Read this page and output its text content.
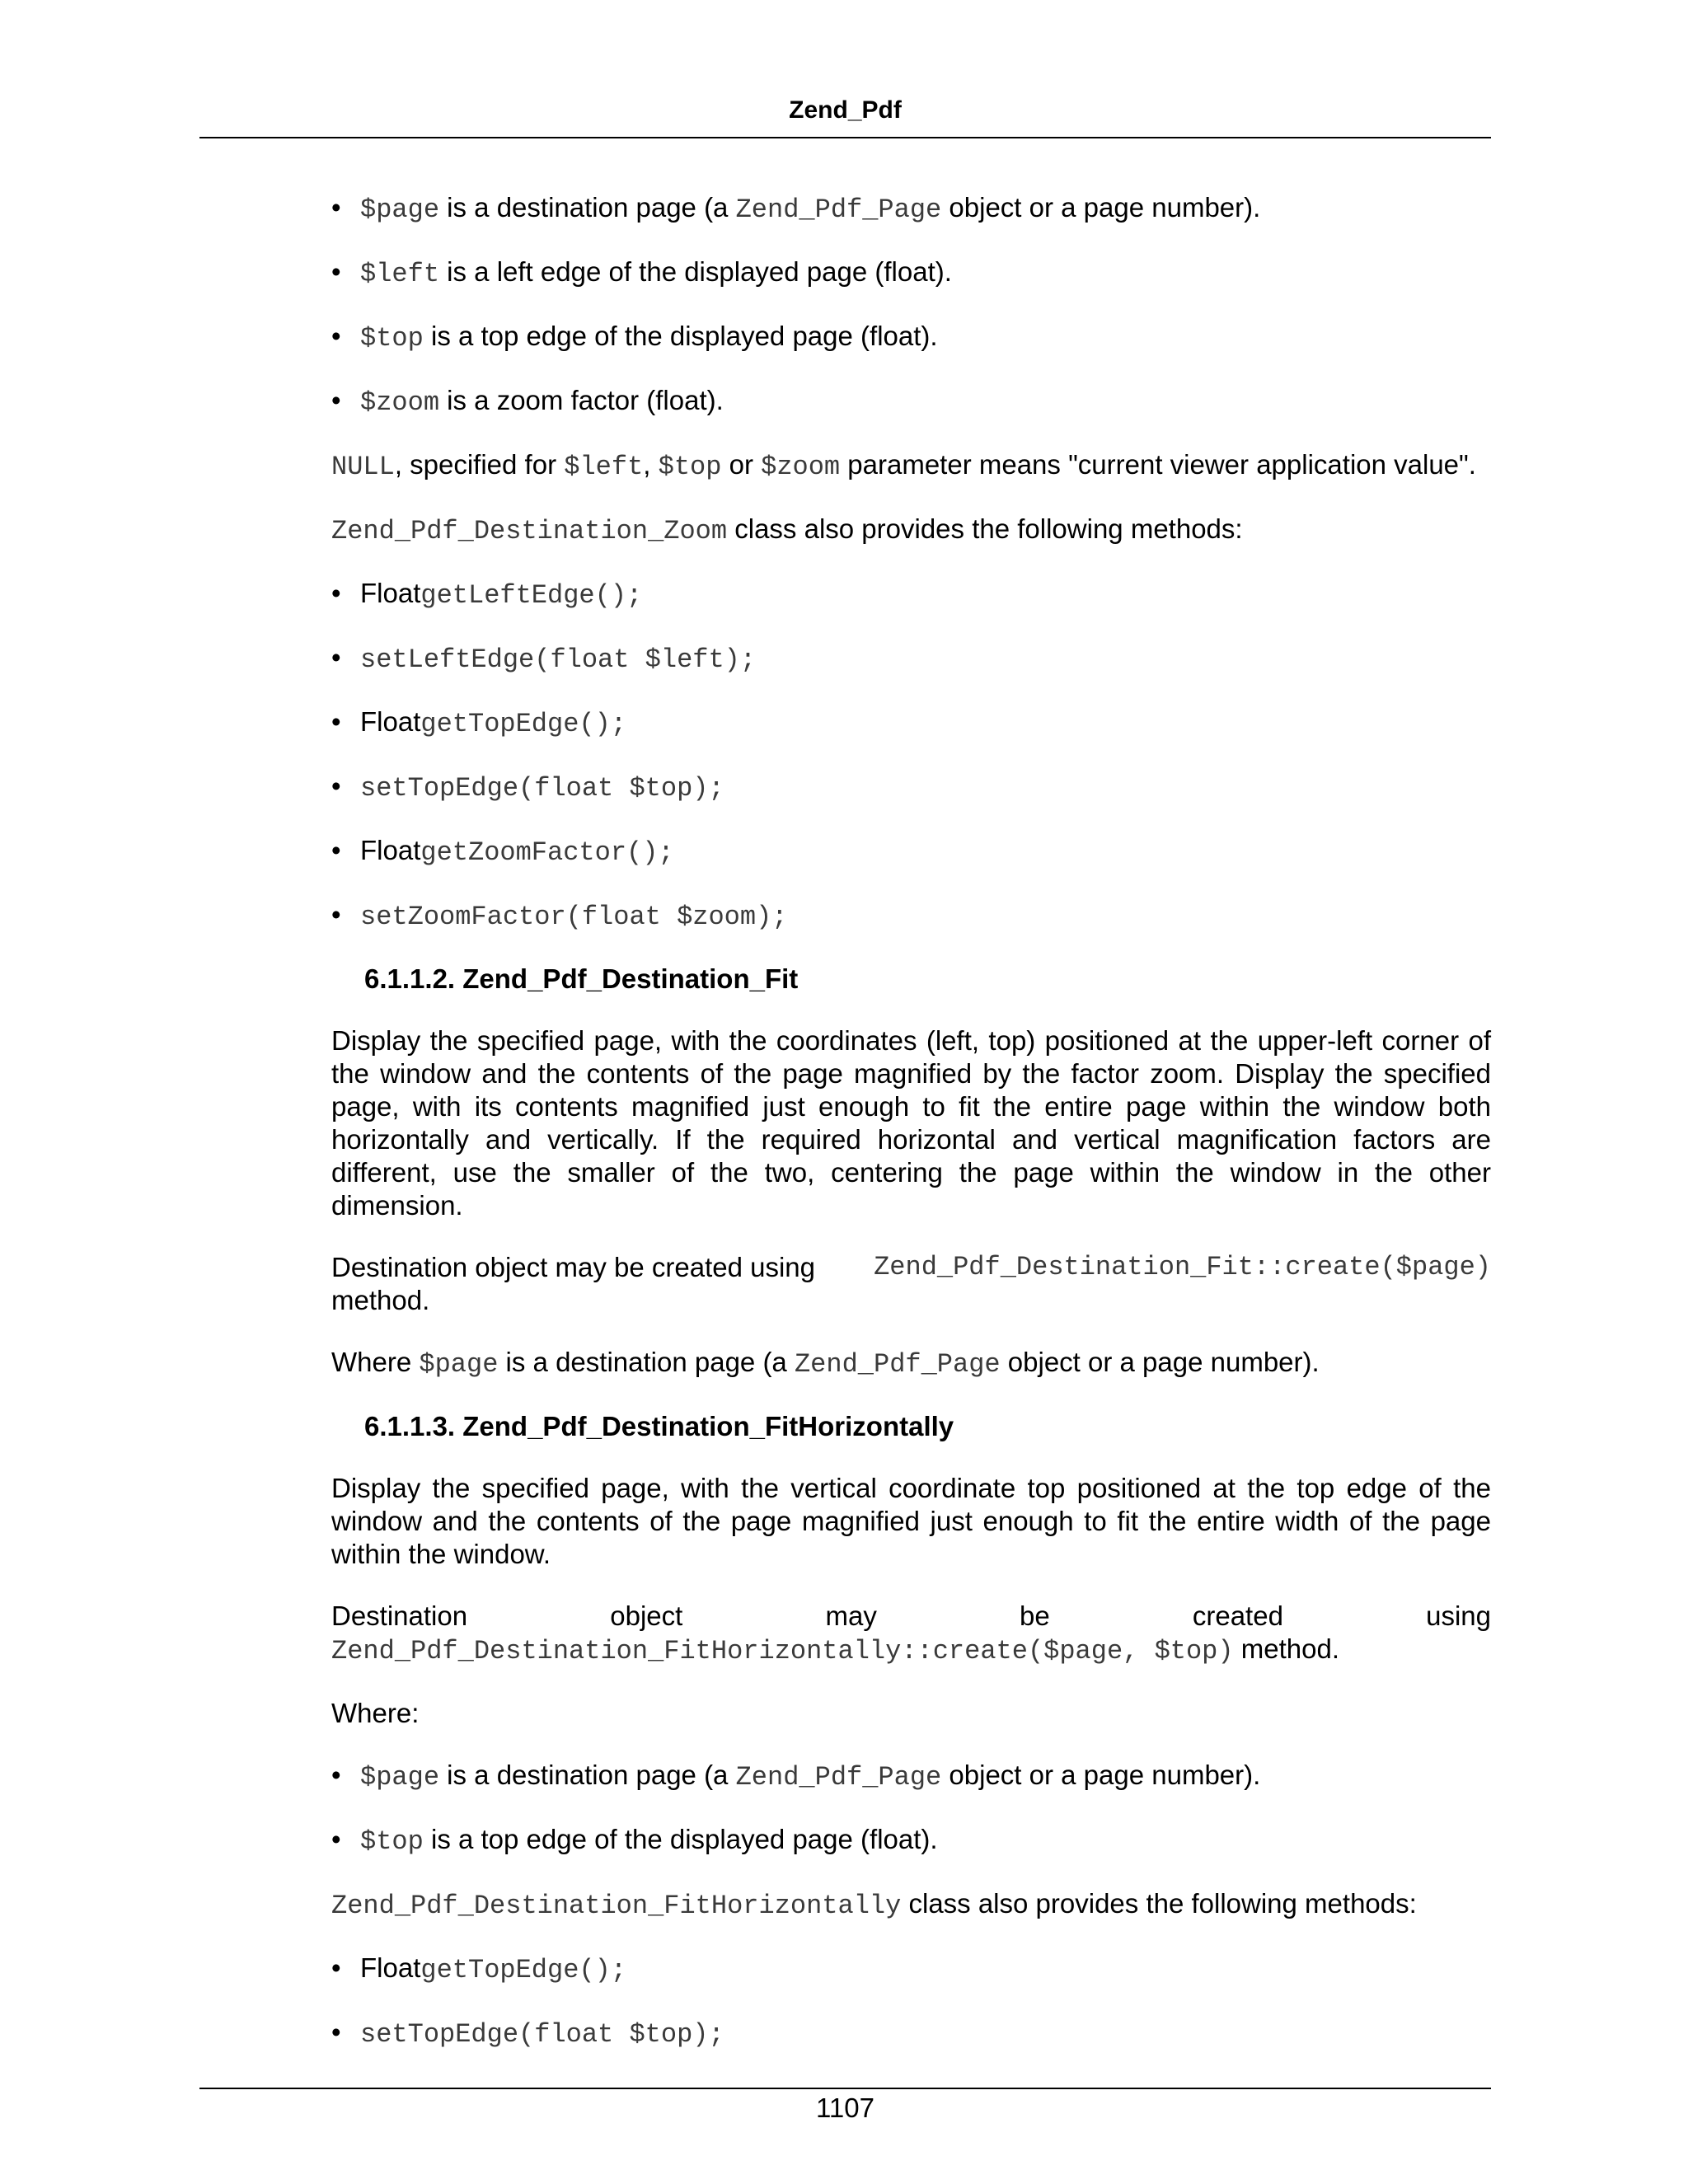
Zend_Pdf
• $page is a destination page (a Zend_Pdf_Page object or a page number).
• $left is a left edge of the displayed page (float).
• $top is a top edge of the displayed page (float).
• $zoom is a zoom factor (float).

NULL, specified for $left, $top or $zoom parameter means "current viewer application value".

Zend_Pdf_Destination_Zoom class also provides the following methods:

• FloatgetLeftEdge();
• setLeftEdge(float $left);
• FloatgetTopEdge();
• setTopEdge(float $top);
• FloatgetZoomFactor();
• setZoomFactor(float $zoom);
6.1.1.2. Zend_Pdf_Destination_Fit

Display the specified page, with the coordinates (left, top) positioned at the upper-left corner of the window and the contents of the page magnified by the factor zoom. Display the specified page, with its contents magnified just enough to fit the entire page within the window both horizontally and vertically. If the required horizontal and vertical magnification factors are different, use the smaller of the two, centering the page within the window in the other dimension.

Destination object may be created using Zend_Pdf_Destination_Fit::create($page)
method.

Where $page is a destination page (a Zend_Pdf_Page object or a page number).

6.1.1.3. Zend_Pdf_Destination_FitHorizontally

Display the specified page, with the vertical coordinate top positioned at the top edge of the window and the contents of the page magnified just enough to fit the entire width of the page within the window.

Destination	object	may	be	created	using
Zend_Pdf_Destination_FitHorizontally::create($page, $top) method.

Where:

• $page is a destination page (a Zend_Pdf_Page object or a page number).
• $top is a top edge of the displayed page (float).

Zend_Pdf_Destination_FitHorizontally class also provides the following methods:

• FloatgetTopEdge();
• setTopEdge(float $top);
1107
